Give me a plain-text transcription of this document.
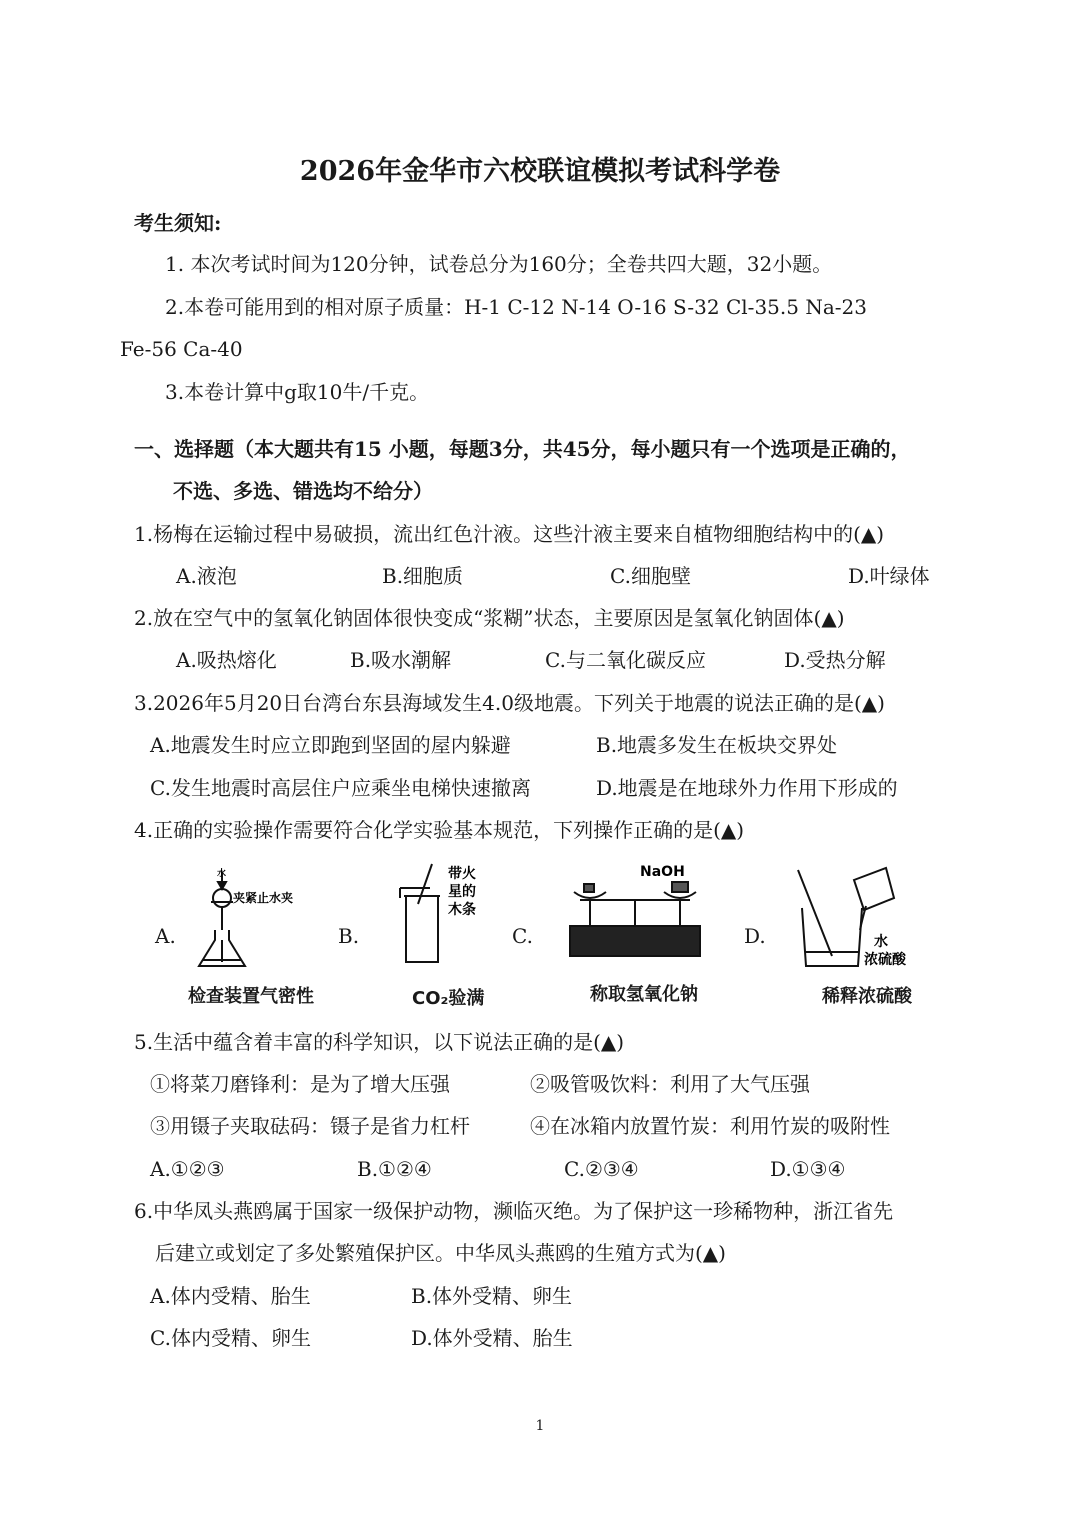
2026年金华市六校联谊模拟考试科学卷
考生须知:
1. 本次考试时间为120分钟，试卷总分为160分；全卷共四大题，32小题。
2.本卷可能用到的相对原子质量：H-1 C-12 N-14 O-16 S-32 Cl-35.5 Na-23
Fe-56 Ca-40
3.本卷计算中g取10牛/千克。
一、选择题（本大题共有15 小题，每题3分，共45分，每小题只有一个选项是正确的，
不选、多选、错选均不给分）
1.杨梅在运输过程中易破损，流出红色汁液。这些汁液主要来自植物细胞结构中的(▲)
A.液泡	B.细胞质	C.细胞壁	D.叶绿体
2.放在空气中的氢氧化钠固体很快变成“浆糊”状态，主要原因是氢氧化钠固体(▲)
A.吸热熔化	B.吸水潮解	C.与二氧化碳反应	D.受热分解
3.2026年5月20日台湾台东县海域发生4.0级地震。下列关于地震的说法正确的是(▲)
A.地震发生时应立即跑到坚固的屋内躲避	B.地震多发生在板块交界处
C.发生地震时高层住户应乘坐电梯快速撤离	D.地震是在地球外力作用下形成的
4.正确的实验操作需要符合化学实验基本规范，下列操作正确的是(▲)
A.
水
夹紧止水夹
检查装置气密性
B.
带火
星的
木条
CO₂验满
C.
NaOH
称取氢氧化钠
D.	水
浓硫酸
稀释浓硫酸
5.生活中蕴含着丰富的科学知识，以下说法正确的是(▲)
①将菜刀磨锋利：是为了增大压强	②吸管吸饮料：利用了大气压强
③用镊子夹取砝码：镊子是省力杠杆	④在冰箱内放置竹炭：利用竹炭的吸附性
A.①②③	B.①②④	C.②③④	D.①③④
6.中华凤头燕鸥属于国家一级保护动物，濒临灭绝。为了保护这一珍稀物种，浙江省先
后建立或划定了多处繁殖保护区。中华凤头燕鸥的生殖方式为(▲)
A.体内受精、胎生	B.体外受精、卵生
C.体内受精、卵生	D.体外受精、胎生
1
